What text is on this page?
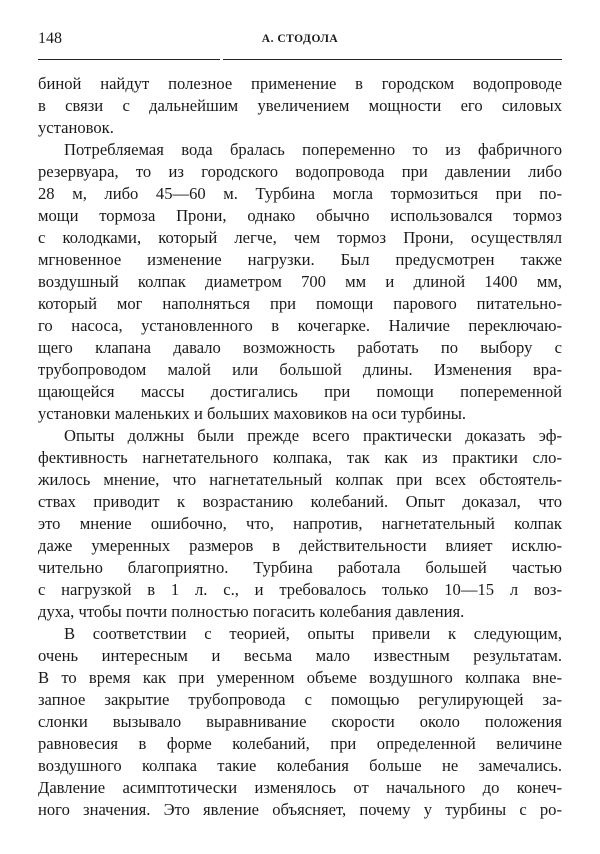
148	А. СТОДОЛА
биной найдут полезное применение в городском водопроводе
в связи с дальнейшим увеличением мощности его силовых
установок.
Потребляемая вода бралась попеременно то из фабричного
резервуара, то из городского водопровода при давлении либо
28 м, либо 45—60 м. Турбина могла тормозиться при по-
мощи тормоза Прони, однако обычно использовался тормоз
с колодками, который легче, чем тормоз Прони, осуществлял
мгновенное изменение нагрузки. Был предусмотрен также
воздушный колпак диаметром 700 мм и длиной 1400 мм,
который мог наполняться при помощи парового питательно-
го насоса, установленного в кочегарке. Наличие переключаю-
щего клапана давало возможность работать по выбору с
трубопроводом малой или большой длины. Изменения вра-
щающейся массы достигались при помощи попеременной
установки маленьких и больших маховиков на оси турбины.
Опыты должны были прежде всего практически доказать эф-
фективность нагнетательного колпака, так как из практики сло-
жилось мнение, что нагнетательный колпак при всех обстоятель-
ствах приводит к возрастанию колебаний. Опыт доказал, что
это мнение ошибочно, что, напротив, нагнетательный колпак
даже умеренных размеров в действительности влияет исклю-
чительно благоприятно. Турбина работала большей частью
с нагрузкой в 1 л. с., и требовалось только 10—15 л воз-
духа, чтобы почти полностью погасить колебания давления.
В соответствии с теорией, опыты привели к следующим,
очень интересным и весьма мало известным результатам.
В то время как при умеренном объеме воздушного колпака вне-
запное закрытие трубопровода с помощью регулирующей за-
слонки вызывало выравнивание скорости около положения
равновесия в форме колебаний, при определенной величине
воздушного колпака такие колебания больше не замечались.
Давление асимптотически изменялось от начального до конеч-
ного значения. Это явление объясняет, почему у турбины с ро-
